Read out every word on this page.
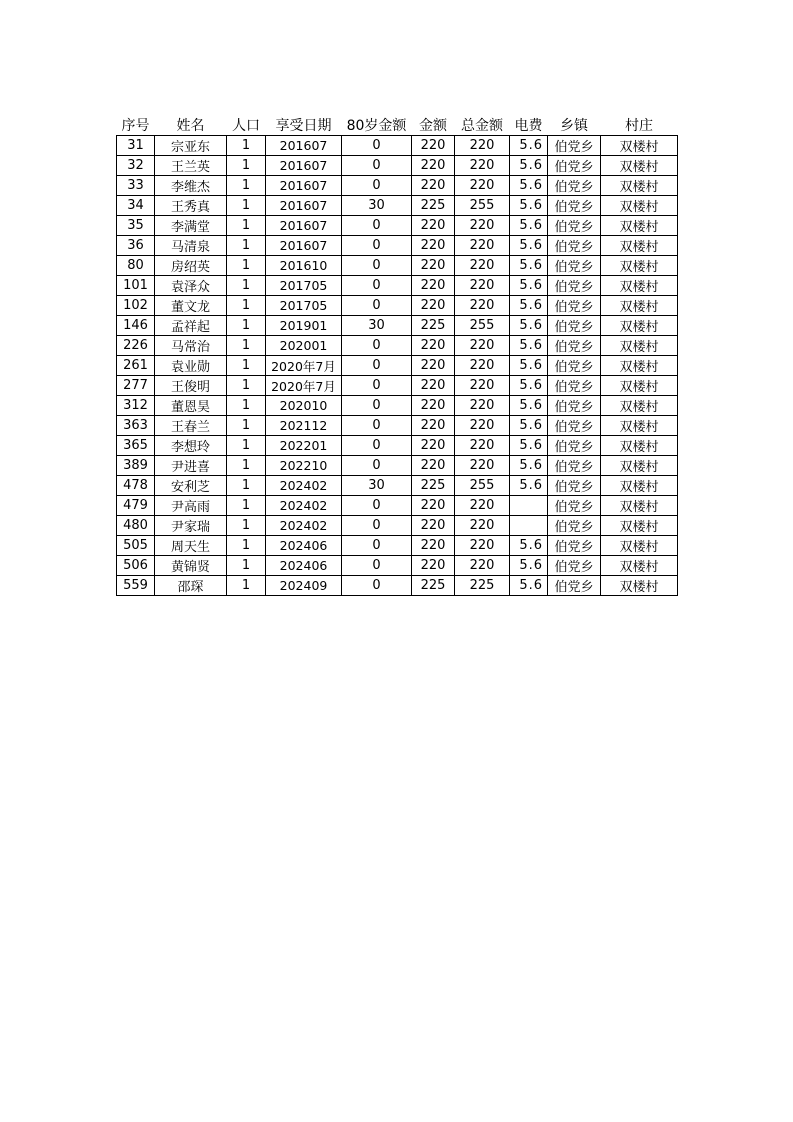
序号	姓名	人口	享受日期	80岁金额	金额	总金额	电费	乡镇	村庄
31	宗亚东	1	201607	0	220	220	5.6	伯党乡	双楼村
32	王兰英	1	201607	0	220	220	5.6	伯党乡	双楼村
33	李维杰	1	201607	0	220	220	5.6	伯党乡	双楼村
34	王秀真	1	201607	30	225	255	5.6	伯党乡	双楼村
35	李满堂	1	201607	0	220	220	5.6	伯党乡	双楼村
36	马清泉	1	201607	0	220	220	5.6	伯党乡	双楼村
80	房绍英	1	201610	0	220	220	5.6	伯党乡	双楼村
101	袁泽众	1	201705	0	220	220	5.6	伯党乡	双楼村
102	董文龙	1	201705	0	220	220	5.6	伯党乡	双楼村
146	孟祥起	1	201901	30	225	255	5.6	伯党乡	双楼村
226	马常治	1	202001	0	220	220	5.6	伯党乡	双楼村
261	袁业勋	1	2020年7月	0	220	220	5.6	伯党乡	双楼村
277	王俊明	1	2020年7月	0	220	220	5.6	伯党乡	双楼村
312	董恩昊	1	202010	0	220	220	5.6	伯党乡	双楼村
363	王春兰	1	202112	0	220	220	5.6	伯党乡	双楼村
365	李想玲	1	202201	0	220	220	5.6	伯党乡	双楼村
389	尹进喜	1	202210	0	220	220	5.6	伯党乡	双楼村
478	安利芝	1	202402	30	225	255	5.6	伯党乡	双楼村
479	尹高雨	1	202402	0	220	220		伯党乡	双楼村
480	尹家瑞	1	202402	0	220	220		伯党乡	双楼村
505	周天生	1	202406	0	220	220	5.6	伯党乡	双楼村
506	黄锦贤	1	202406	0	220	220	5.6	伯党乡	双楼村
559	邵琛	1	202409	0	225	225	5.6	伯党乡	双楼村
